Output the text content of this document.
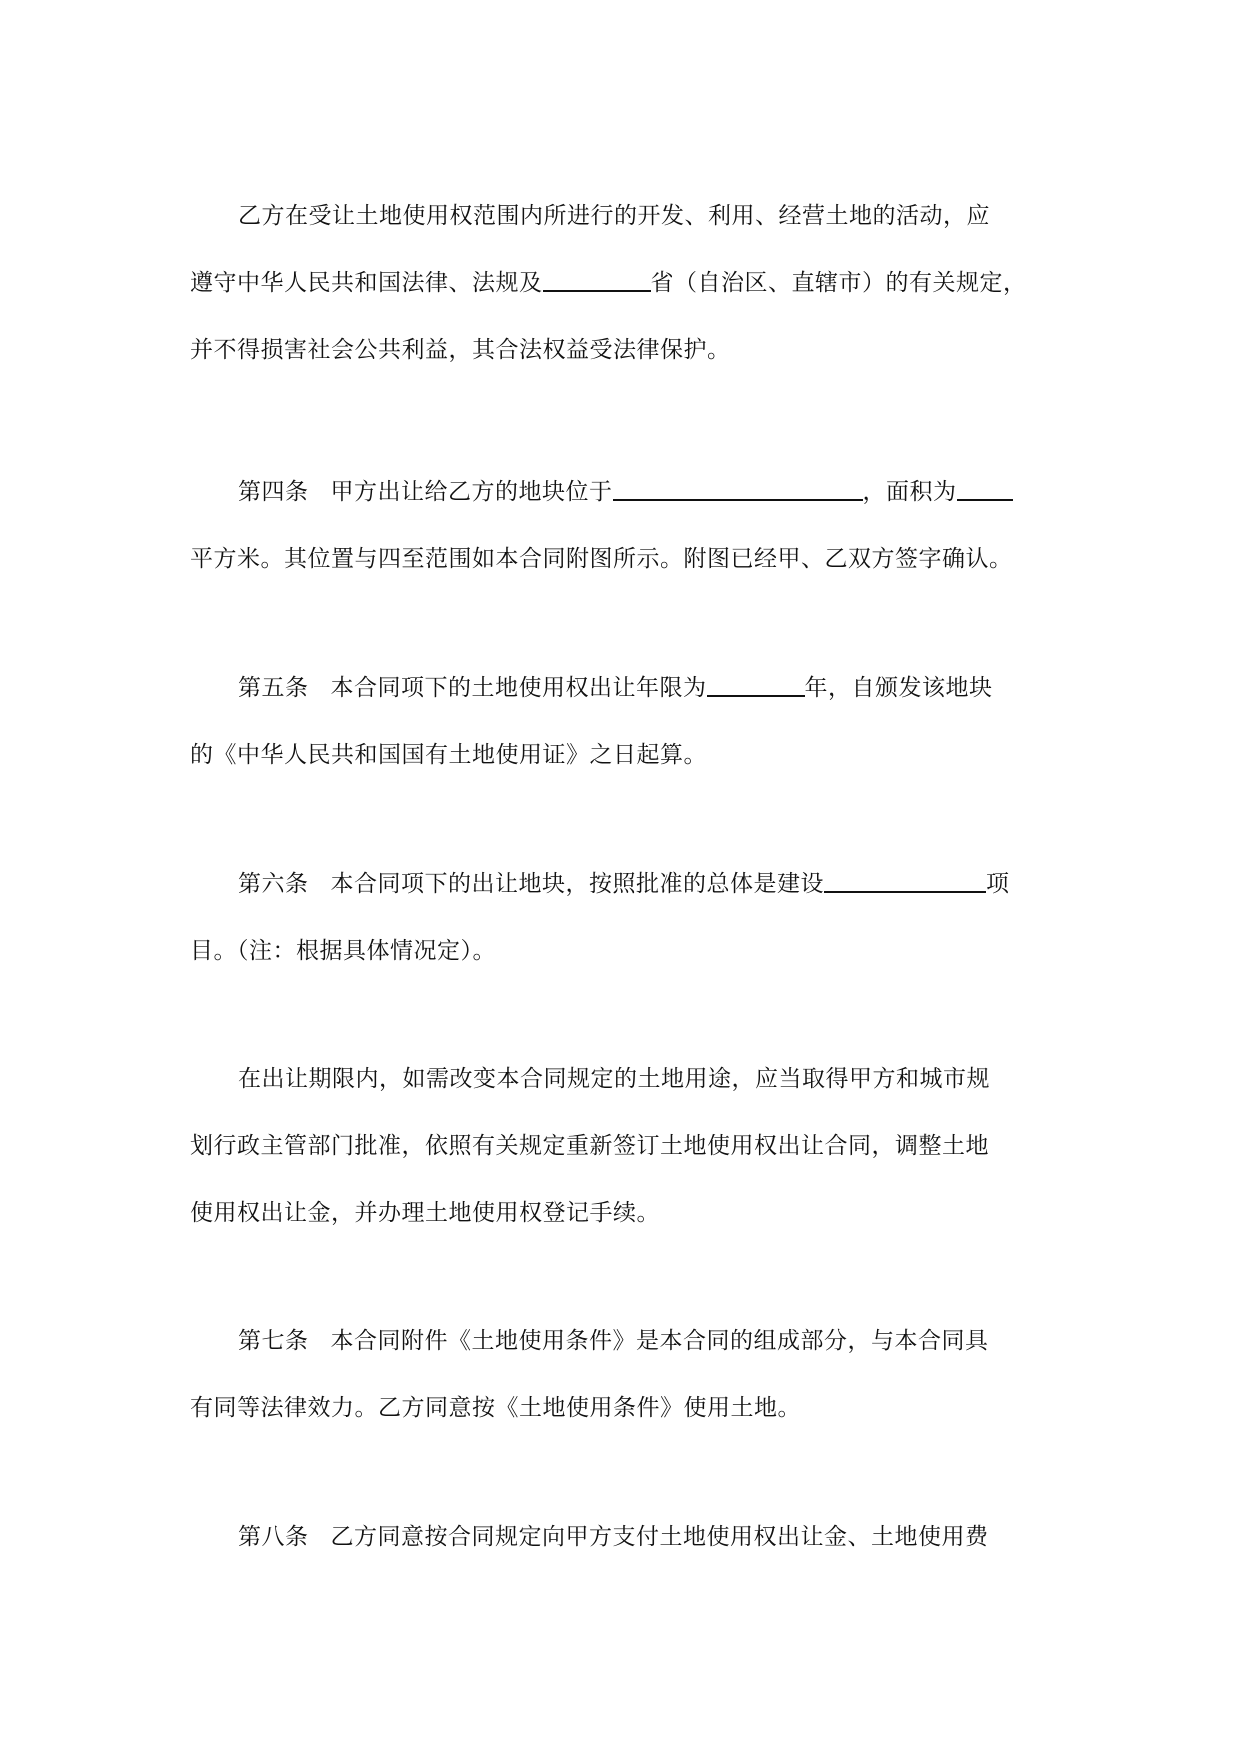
乙方在受让土地使用权范围内所进行的开发、利用、经营土地的活动，应
遵守中华人民共和国法律、法规及	省（自治区、直辖市）的有关规定，
并不得损害社会公共利益，其合法权益受法律保护。
第四条 甲方出让给乙方的地块位于	，面积为
平方米。其位置与四至范围如本合同附图所示。附图已经甲、乙双方签字确认。
第五条 本合同项下的土地使用权出让年限为	年，自颁发该地块
的《中华人民共和国国有土地使用证》之日起算。
第六条 本合同项下的出让地块，按照批准的总体是建设	项
目。（注：根据具体情况定）。
在出让期限内，如需改变本合同规定的土地用途，应当取得甲方和城市规
划行政主管部门批准，依照有关规定重新签订土地使用权出让合同，调整土地
使用权出让金，并办理土地使用权登记手续。
第七条 本合同附件《土地使用条件》是本合同的组成部分，与本合同具
有同等法律效力。乙方同意按《土地使用条件》使用土地。
第八条 乙方同意按合同规定向甲方支付土地使用权出让金、土地使用费
